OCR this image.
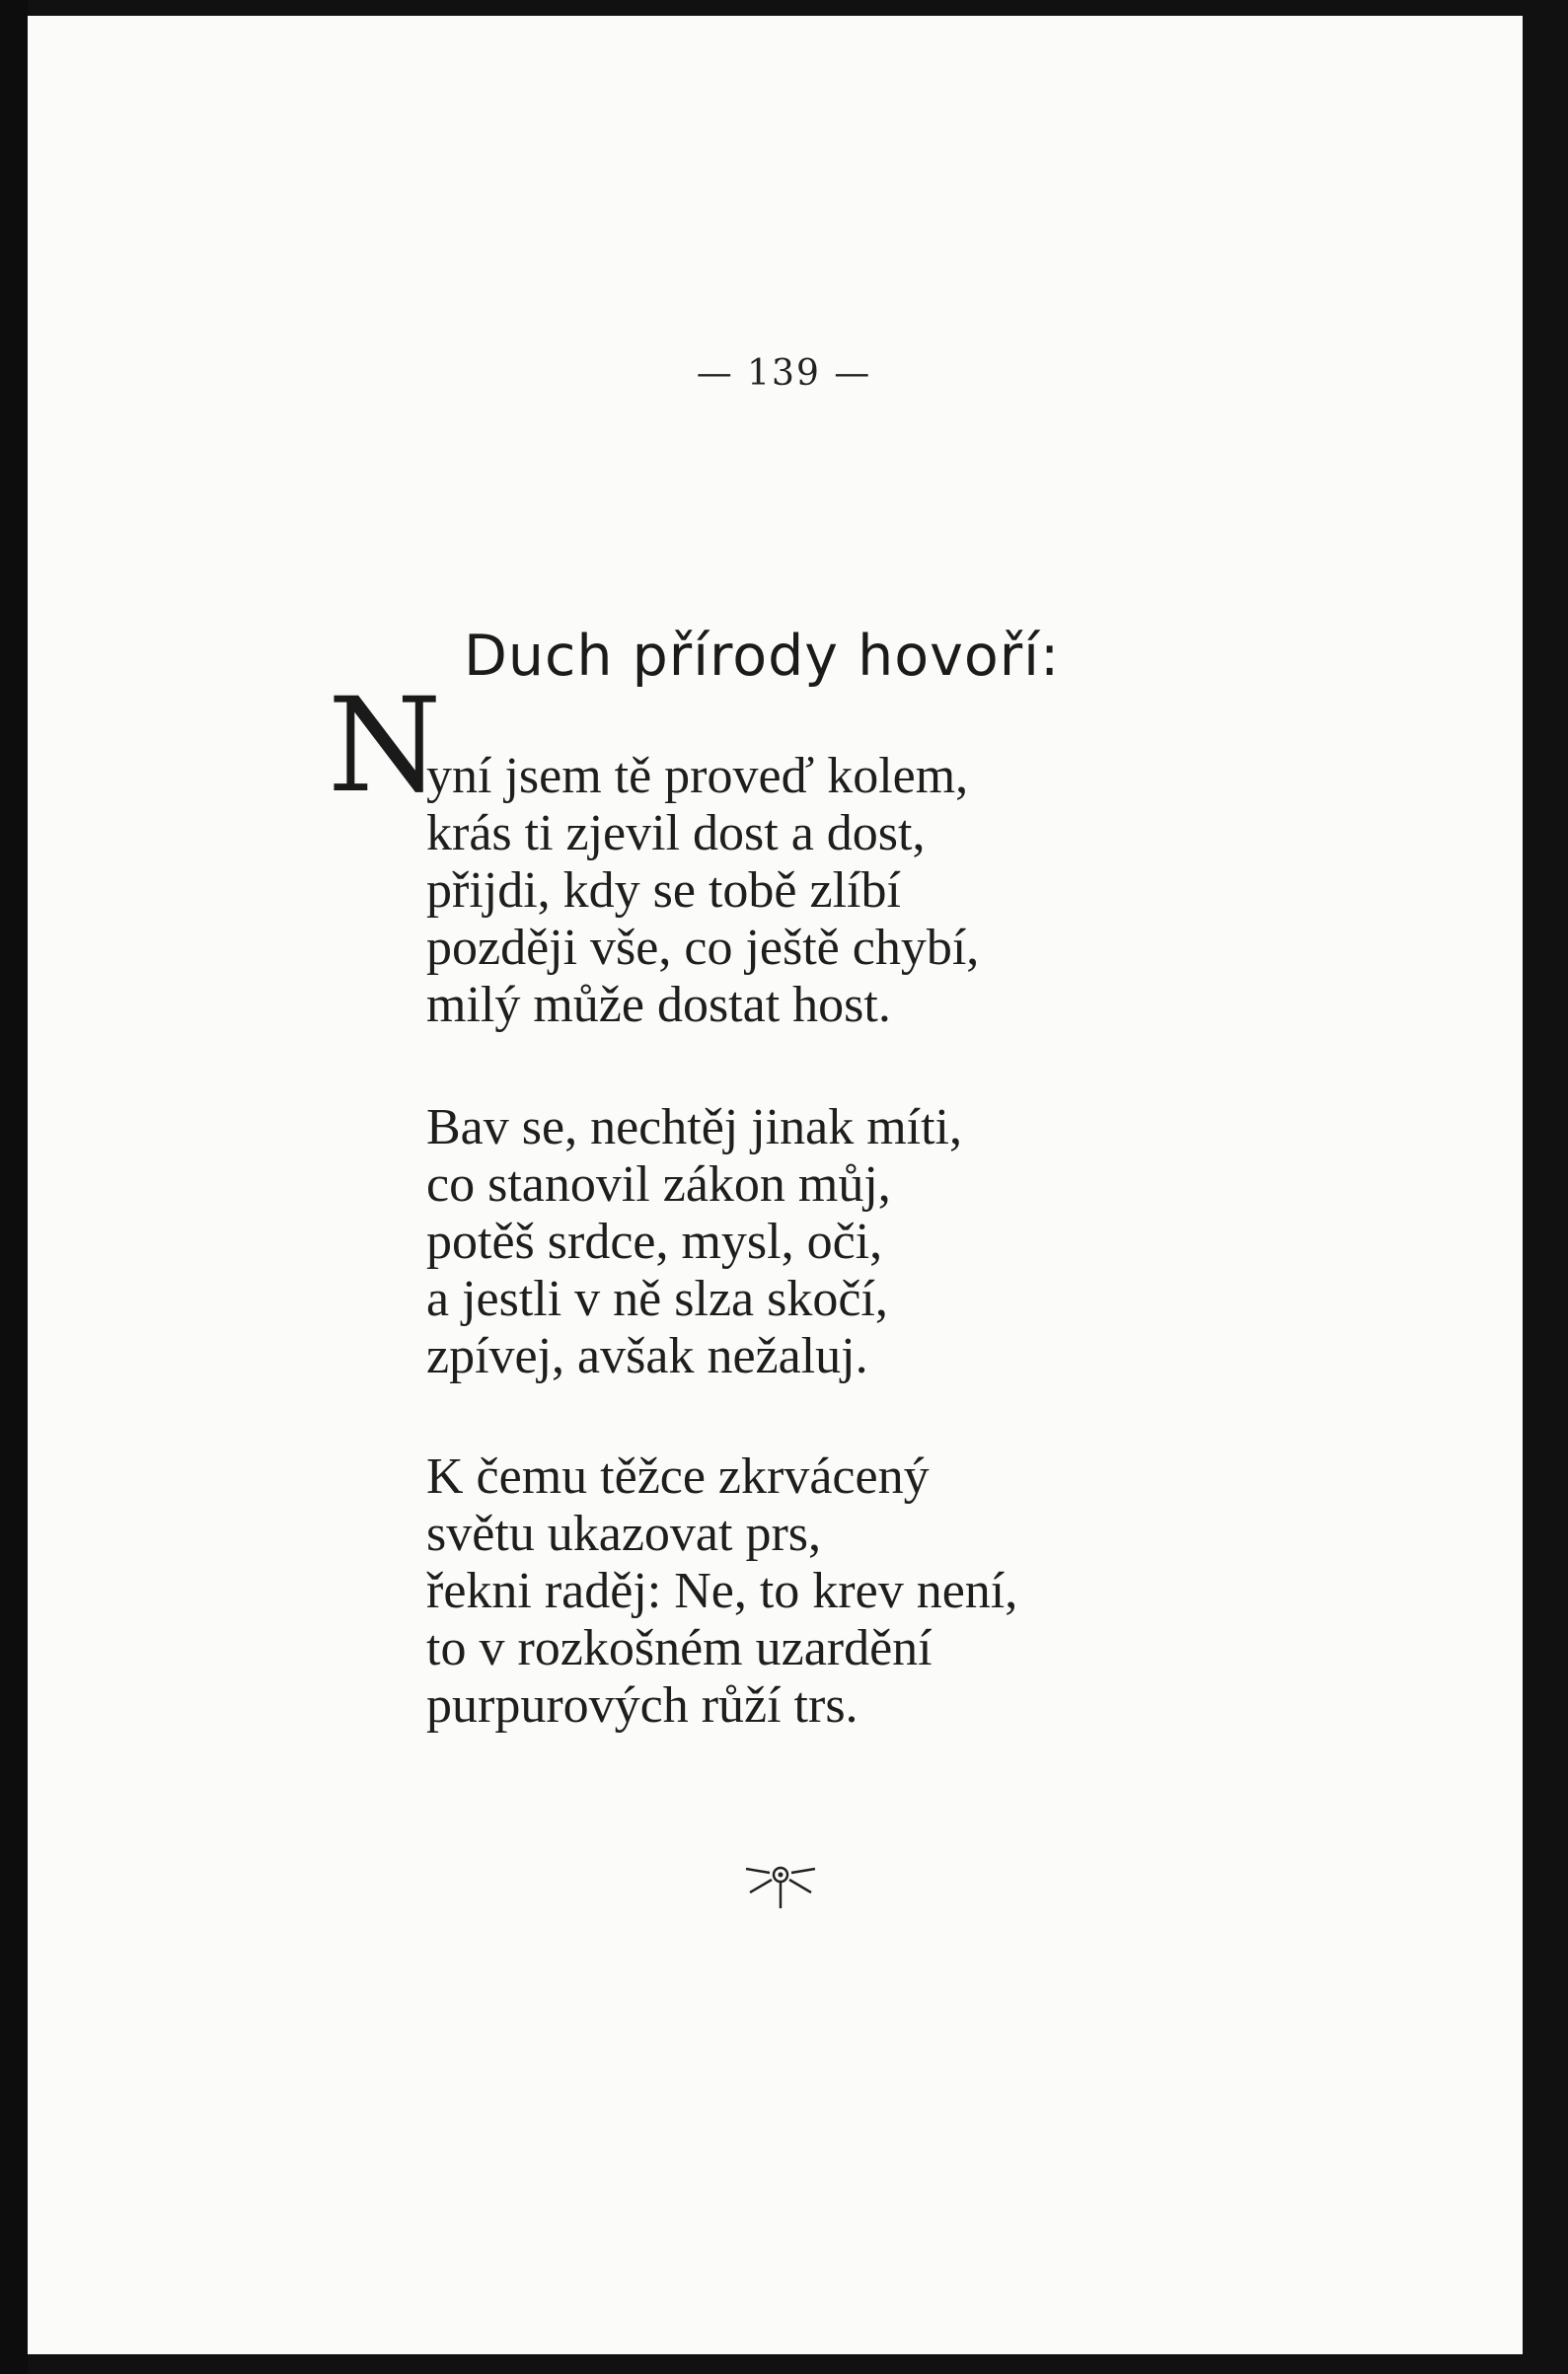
— 139 —
Duch přírody hovoří:
N
yní jsem tě proveď kolem,
krás ti zjevil dost a dost,
přijdi, kdy se tobě zlíbí
později vše, co ještě chybí,
milý může dostat host.
Bav se, nechtěj jinak míti,
co stanovil zákon můj,
potěš srdce, mysl, oči,
a jestli v ně slza skočí,
zpívej, avšak nežaluj.
K čemu těžce zkrvácený
světu ukazovat prs,
řekni raděj: Ne, to krev není,
to v rozkošném uzardění
purpurových růží trs.
